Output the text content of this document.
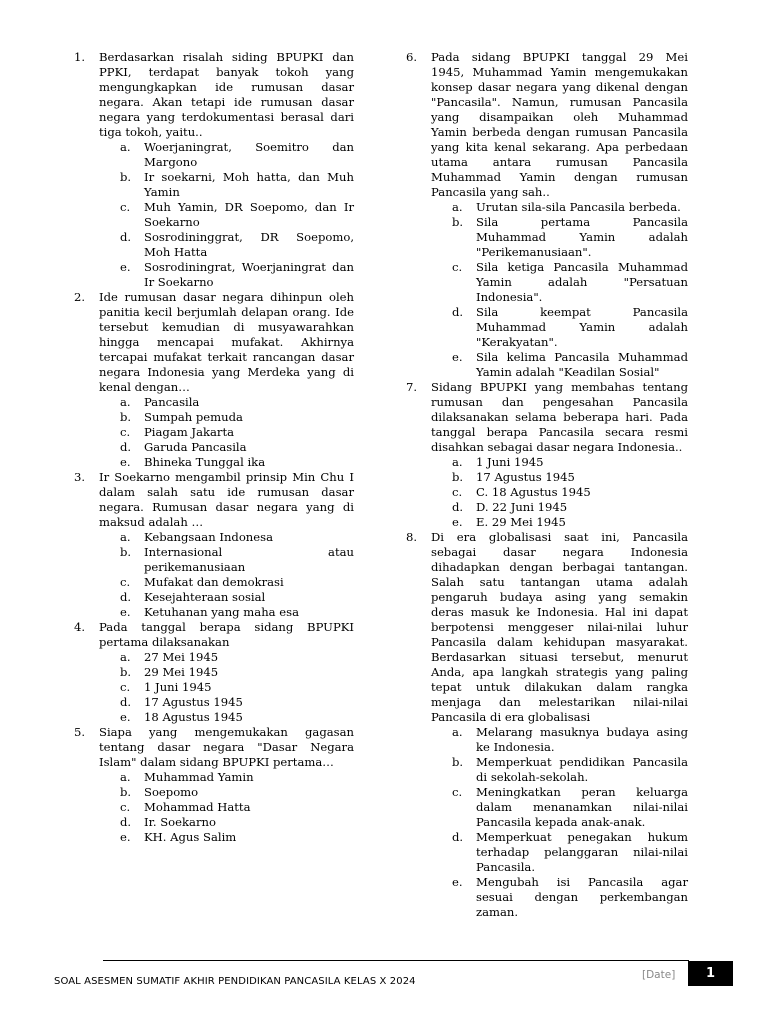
1.	Berdasarkan risalah siding BPUPKI dan
PPKI, terdapat banyak tokoh yang
mengungkapkan ide rumusan dasar
negara. Akan tetapi ide rumusan dasar
negara yang terdokumentasi berasal dari
tiga tokoh, yaitu..
a.	Woerjaningrat, Soemitro dan
Margono
b.	Ir soekarni, Moh hatta, dan Muh
Yamin
c.	Muh Yamin, DR Soepomo, dan Ir
Soekarno
d.	Sosrodininggrat, DR Soepomo,
Moh Hatta
e.	Sosrodiningrat, Woerjaningrat dan
Ir Soekarno
2.	Ide rumusan dasar negara dihinpun oleh
panitia kecil berjumlah delapan orang. Ide
tersebut kemudian di musyawarahkan
hingga mencapai mufakat. Akhirnya
tercapai mufakat terkait rancangan dasar
negara Indonesia yang Merdeka yang di
kenal dengan…
a.	Pancasila
b.	Sumpah pemuda
c.	Piagam Jakarta
d.	Garuda Pancasila
e.	Bhineka Tunggal ika
3.	Ir Soekarno mengambil prinsip Min Chu I
dalam salah satu ide rumusan dasar
negara. Rumusan dasar negara yang di
maksud adalah …
a.	Kebangsaan Indonesa
b.	Internasional atau
perikemanusiaan
c.	Mufakat dan demokrasi
d.	Kesejahteraan sosial
e.	Ketuhanan yang maha esa
4.	Pada tanggal berapa sidang BPUPKI
pertama dilaksanakan
a.	27 Mei 1945
b.	29 Mei 1945
c.	1 Juni 1945
d.	17 Agustus 1945
e.	18 Agustus 1945
5.	Siapa yang mengemukakan gagasan
tentang dasar negara "Dasar Negara
Islam" dalam sidang BPUPKI pertama…
a.	Muhammad Yamin
b.	Soepomo
c.	Mohammad Hatta
d.	Ir. Soekarno
e.	KH. Agus Salim
6.	Pada sidang BPUPKI tanggal 29 Mei
1945, Muhammad Yamin mengemukakan
konsep dasar negara yang dikenal dengan
"Pancasila". Namun, rumusan Pancasila
yang disampaikan oleh Muhammad
Yamin berbeda dengan rumusan Pancasila
yang kita kenal sekarang. Apa perbedaan
utama antara rumusan Pancasila
Muhammad Yamin dengan rumusan
Pancasila yang sah..
a.	Urutan sila-sila Pancasila berbeda.
b.	Sila pertama Pancasila
Muhammad Yamin adalah
"Perikemanusiaan".
c.	Sila ketiga Pancasila Muhammad
Yamin adalah "Persatuan
Indonesia".
d.	Sila keempat Pancasila
Muhammad Yamin adalah
"Kerakyatan".
e.	Sila kelima Pancasila Muhammad
Yamin adalah "Keadilan Sosial"
7.	Sidang BPUPKI yang membahas tentang
rumusan dan pengesahan Pancasila
dilaksanakan selama beberapa hari. Pada
tanggal berapa Pancasila secara resmi
disahkan sebagai dasar negara Indonesia..
a.	1 Juni 1945
b.	17 Agustus 1945
c.	C. 18 Agustus 1945
d.	D. 22 Juni 1945
e.	E. 29 Mei 1945
8.	Di era globalisasi saat ini, Pancasila
sebagai dasar negara Indonesia
dihadapkan dengan berbagai tantangan.
Salah satu tantangan utama adalah
pengaruh budaya asing yang semakin
deras masuk ke Indonesia. Hal ini dapat
berpotensi menggeser nilai-nilai luhur
Pancasila dalam kehidupan masyarakat.
Berdasarkan situasi tersebut, menurut
Anda, apa langkah strategis yang paling
tepat untuk dilakukan dalam rangka
menjaga dan melestarikan nilai-nilai
Pancasila di era globalisasi
a.	Melarang masuknya budaya asing
ke Indonesia.
b.	Memperkuat pendidikan Pancasila
di sekolah-sekolah.
c.	Meningkatkan peran keluarga
dalam menanamkan nilai-nilai
Pancasila kepada anak-anak.
d.	Memperkuat penegakan hukum
terhadap pelanggaran nilai-nilai
Pancasila.
e.	Mengubah isi Pancasila agar
sesuai dengan perkembangan
zaman.
SOAL ASESMEN SUMATIF AKHIR PENDIDIKAN PANCASILA KELAS X 2024
[Date]	1
